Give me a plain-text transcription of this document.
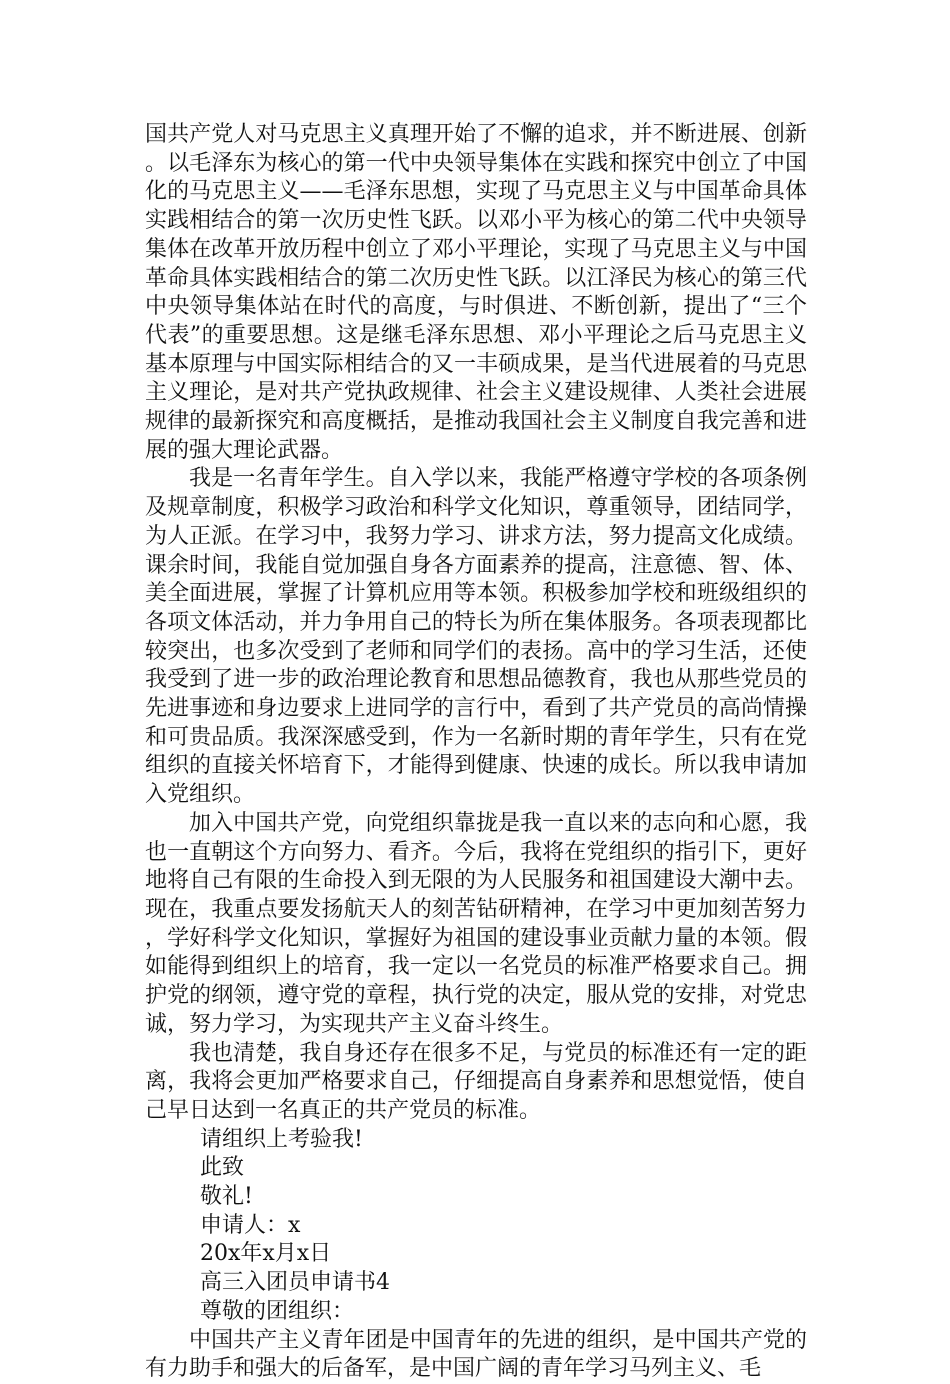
国共产党人对马克思主义真理开始了不懈的追求，并不断进展、创新。以毛泽东为核心的第一代中央领导集体在实践和探究中创立了中国化的马克思主义——毛泽东思想，实现了马克思主义与中国革命具体实践相结合的第一次历史性飞跃。以邓小平为核心的第二代中央领导集体在改革开放历程中创立了邓小平理论，实现了马克思主义与中国革命具体实践相结合的第二次历史性飞跃。以江泽民为核心的第三代中央领导集体站在时代的高度，与时俱进、不断创新，提出了“三个代表”的重要思想。这是继毛泽东思想、邓小平理论之后马克思主义基本原理与中国实际相结合的又一丰硕成果，是当代进展着的马克思主义理论，是对共产党执政规律、社会主义建设规律、人类社会进展规律的最新探究和高度概括，是推动我国社会主义制度自我完善和进展的强大理论武器。

我是一名青年学生。自入学以来，我能严格遵守学校的各项条例及规章制度，积极学习政治和科学文化知识，尊重领导，团结同学，为人正派。在学习中，我努力学习、讲求方法，努力提高文化成绩。课余时间，我能自觉加强自身各方面素养的提高，注意德、智、体、美全面进展，掌握了计算机应用等本领。积极参加学校和班级组织的各项文体活动，并力争用自己的特长为所在集体服务。各项表现都比较突出，也多次受到了老师和同学们的表扬。高中的学习生活，还使我受到了进一步的政治理论教育和思想品德教育，我也从那些党员的先进事迹和身边要求上进同学的言行中，看到了共产党员的高尚情操和可贵品质。我深深感受到，作为一名新时期的青年学生，只有在党组织的直接关怀培育下，才能得到健康、快速的成长。所以我申请加入党组织。

加入中国共产党，向党组织靠拢是我一直以来的志向和心愿，我也一直朝这个方向努力、看齐。今后，我将在党组织的指引下，更好地将自己有限的生命投入到无限的为人民服务和祖国建设大潮中去。现在，我重点要发扬航天人的刻苦钻研精神，在学习中更加刻苦努力，学好科学文化知识，掌握好为祖国的建设事业贡献力量的本领。假如能得到组织上的培育，我一定以一名党员的标准严格要求自己。拥护党的纲领，遵守党的章程，执行党的决定，服从党的安排，对党忠诚，努力学习，为实现共产主义奋斗终生。

我也清楚，我自身还存在很多不足，与党员的标准还有一定的距离，我将会更加严格要求自己，仔细提高自身素养和思想觉悟，使自己早日达到一名真正的共产党员的标准。

请组织上考验我!

此致

敬礼!

申请人：x

20x年x月x日

高三入团员申请书4

尊敬的团组织：

中国共产主义青年团是中国青年的先进的组织，是中国共产党的有力助手和强大的后备军，是中国广阔的青年学习马列主义、毛
